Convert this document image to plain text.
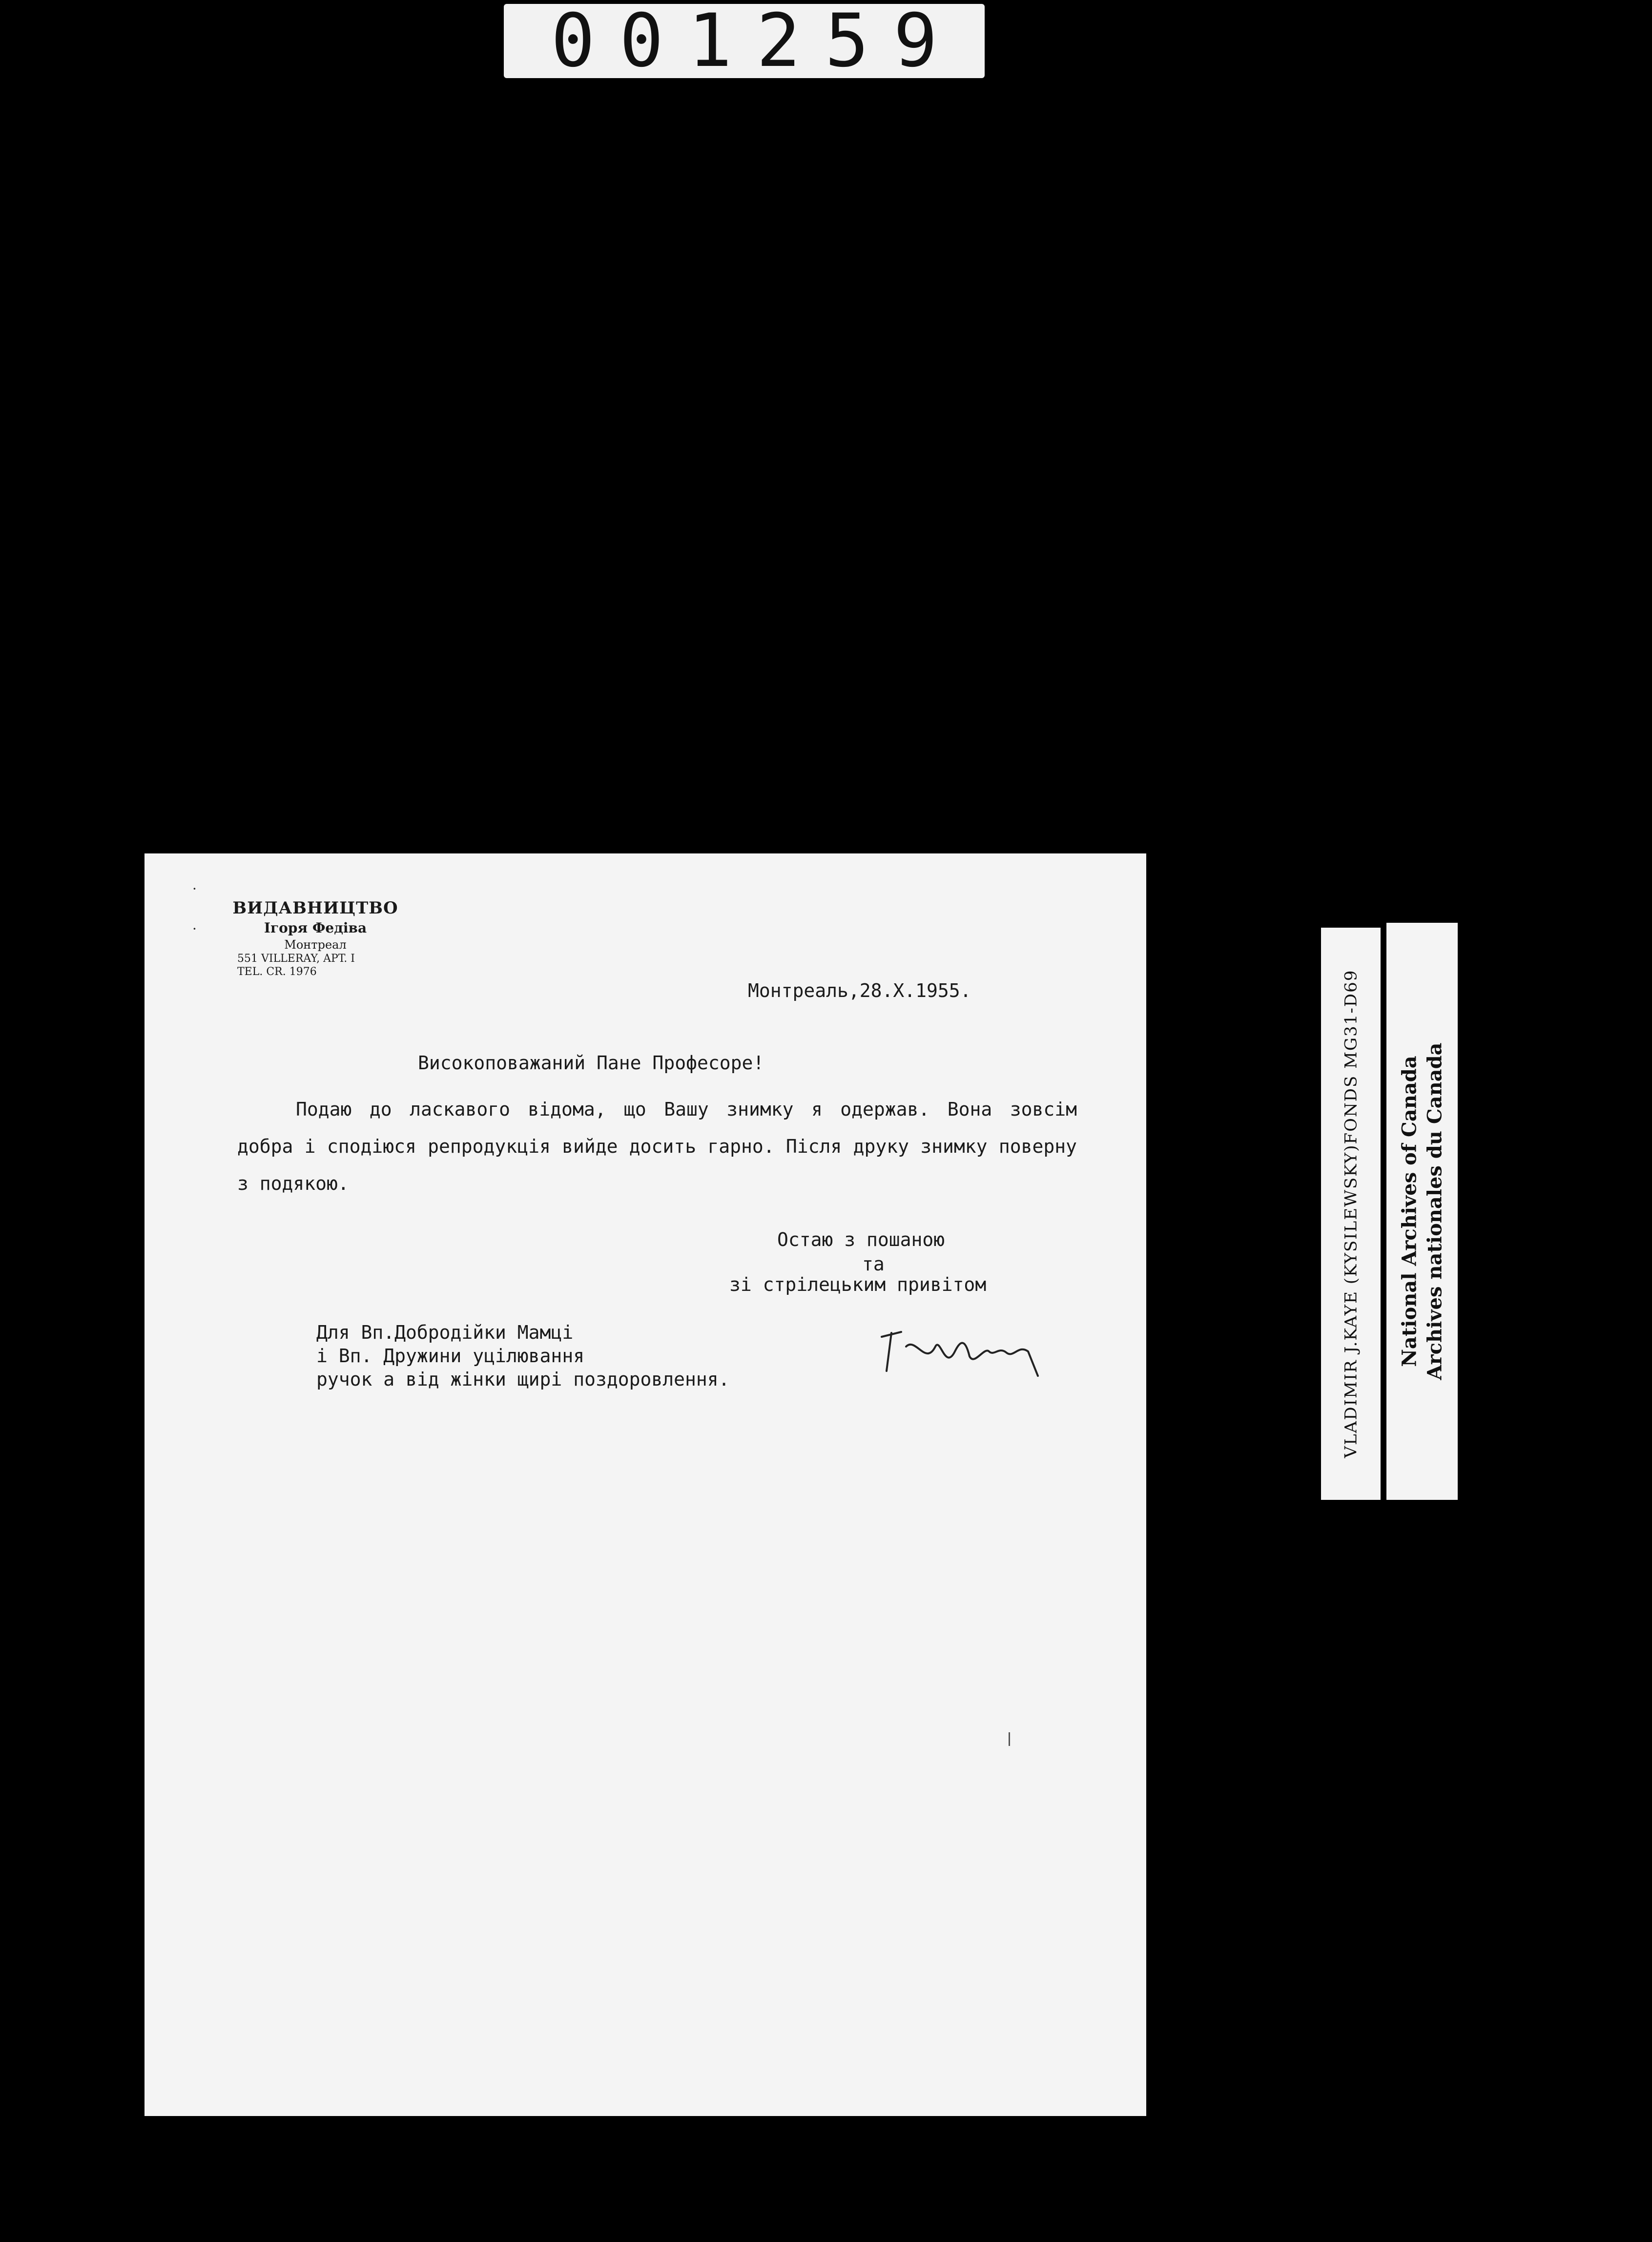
001259
·
·
ВИДАВНИЦТВО
Ігоря Федіва
Монтреал
551 VILLERAY, APT. I
TEL. CR. 1976
Монтреаль,28.X.1955.
Високоповажаний Пане Професоре!

Подаю до ласкавого відома, що Вашу знимку я одержав. Вона зовсім добра і сподіюся репродукція вийде досить гарно. Після друку знимку поверну з подякою.

Остаю з пошаною
та
зі стрілецьким привітом
Для Вп.Добродійки Мамці
і Вп. Дружини уцілювання
ручок а від жінки щирі поздоровлення.	VLADIMIR J.KAYE (KYSILEWSKY)FONDS MG31-D69 National Archives of Canada Archives nationales du Canada
